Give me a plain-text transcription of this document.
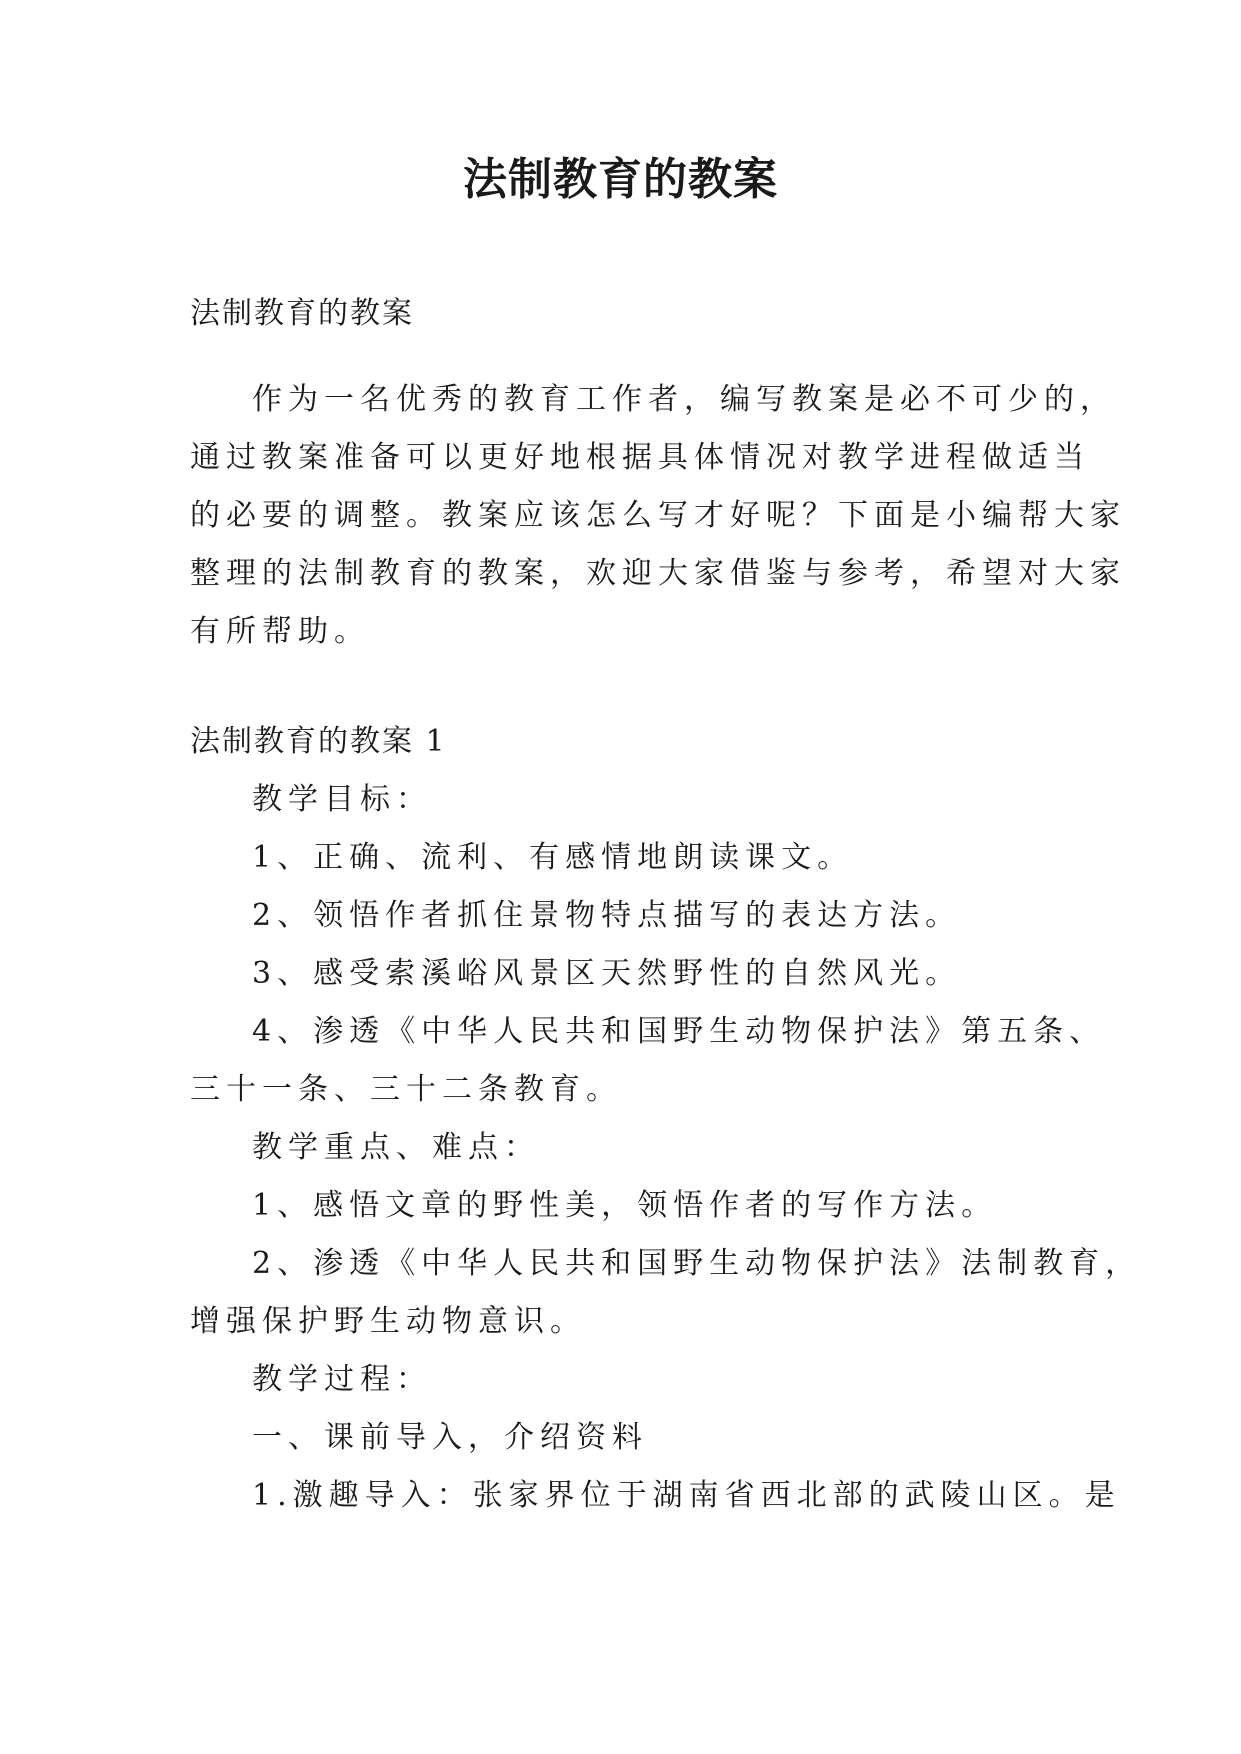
法制教育的教案
法制教育的教案
作为一名优秀的教育工作者，编写教案是必不可少的，
通过教案准备可以更好地根据具体情况对教学进程做适当
的必要的调整。教案应该怎么写才好呢？下面是小编帮大家
整理的法制教育的教案，欢迎大家借鉴与参考，希望对大家
有所帮助。
法制教育的教案 1
教学目标：
1、正确、流利、有感情地朗读课文。
2、领悟作者抓住景物特点描写的表达方法。
3、感受索溪峪风景区天然野性的自然风光。
4、渗透《中华人民共和国野生动物保护法》第五条、
三十一条、三十二条教育。
教学重点、难点：
1、感悟文章的野性美，领悟作者的写作方法。
2、渗透《中华人民共和国野生动物保护法》法制教育，
增强保护野生动物意识。
教学过程：
一、课前导入，介绍资料
1.激趣导入：张家界位于湖南省西北部的武陵山区。是
